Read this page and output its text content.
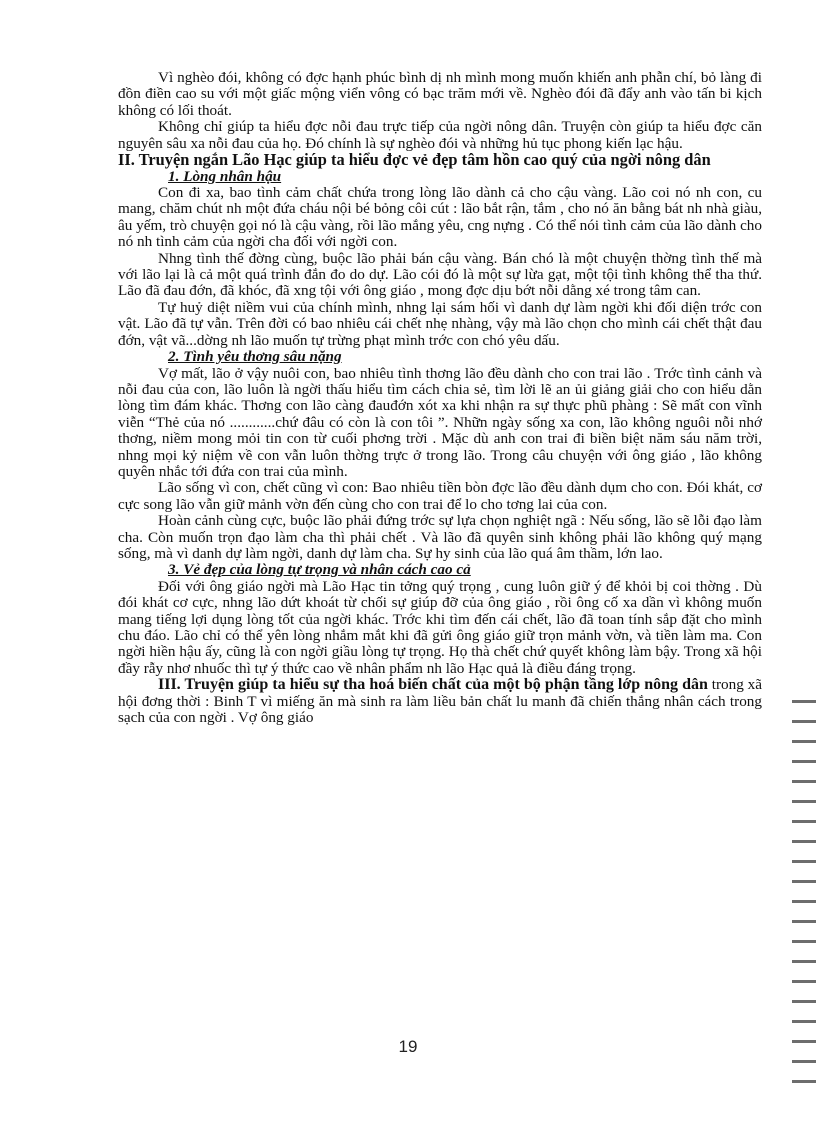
Vì nghèo đói, không có đợc hạnh phúc bình dị nh mình mong muốn khiến anh phẫn chí, bỏ làng đi đồn điền cao su với một giấc mộng viển vông có bạc trăm mới về. Nghèo đói đã đẩy anh vào tấn bi kịch không có lối thoát.

Không chỉ giúp ta hiểu đợc nỗi đau trực tiếp của ngời nông dân. Truyện còn giúp ta hiểu đợc căn nguyên sâu xa nỗi đau của họ. Đó chính là sự nghèo đói và những hủ tục phong kiến lạc hậu.

II. Truyện ngắn Lão Hạc giúp ta hiểu đợc vẻ đẹp tâm hồn cao quý của ngời nông dân
1. Lòng nhân hậu

Con đi xa, bao tình cảm chất chứa trong lòng lão dành cả cho cậu vàng. Lão coi nó nh con, cu mang, chăm chút nh một đứa cháu nội bé bỏng côi cút : lão bắt rận, tắm , cho nó ăn bằng bát nh nhà giàu, âu yếm, trò chuyện gọi nó là cậu vàng, rồi lão mắng yêu, cng nựng . Có thể nói tình cảm của lão dành cho nó nh tình cảm của ngời cha đối với ngời con.

Nhng tình thế đờng cùng, buộc lão phải bán cậu vàng. Bán chó là một chuyện thờng tình thế mà với lão lại là cả một quá trình đắn đo do dự. Lão cói đó là một sự lừa gạt, một tội tình không thể tha thứ. Lão đã đau đớn, đã khóc, đã xng tội với ông giáo , mong đợc dịu bớt nỗi dằng xé trong tâm can.

Tự huỷ diệt niềm vui của chính mình, nhng lại sám hối vì danh dự làm ngời khi đối diện trớc con vật. Lão đã tự vẫn. Trên đời có bao nhiêu cái chết nhẹ nhàng, vậy mà lão chọn cho mình cái chết thật đau đớn, vật vã...dờng nh lão muốn tự trừng phạt mình trớc con chó yêu dấu.

2. Tình yêu thơng sâu nặng

Vợ mất, lão ở vậy nuôi con, bao nhiêu tình thơng lão đều dành cho con trai lão . Trớc tình cảnh và nỗi đau của con, lão luôn là ngời thấu hiểu tìm cách chia sẻ, tìm lời lẽ an ủi giảng giải cho con hiểu dằn lòng tìm đám khác. Thơng con lão càng đauđớn xót xa khi nhận ra sự thực phũ phàng : Sẽ mất con vĩnh viễn “Thẻ của nó ............chứ đâu có còn là con tôi ”. Nhữn ngày sống xa con, lão không nguôi nỗi nhớ thơng, niềm mong mỏi tin con từ cuối phơng trời . Mặc dù anh con trai đi biền biệt năm sáu năm trời, nhng mọi kỷ niệm về con vẫn luôn thờng trực ở trong lão. Trong câu chuyện với ông giáo , lão không quyên nhắc tới đứa con trai của mình.

Lão sống vì con, chết cũng vì con: Bao nhiêu tiền bòn đợc lão đều dành dụm cho con. Đói khát, cơ cực song lão vẫn giữ mảnh vờn đến cùng cho con trai để lo cho tơng lai của con.

Hoàn cảnh cùng cực, buộc lão phải đứng trớc sự lựa chọn nghiệt ngã : Nếu sống, lão sẽ lỗi đạo làm cha. Còn muốn trọn đạo làm cha thì phải chết . Và lão đã quyên sinh không phải lão không quý mạng sống, mà vì danh dự làm ngời, danh dự làm cha. Sự hy sinh của lão quá âm thầm, lớn lao.

3. Vẻ đẹp của lòng tự trọng và nhân cách cao cả

Đối với ông giáo ngời mà Lão Hạc tin tởng quý trọng , cung luôn giữ ý để khỏi bị coi thờng . Dù đói khát cơ cực, nhng lão dứt khoát từ chối sự giúp đỡ của ông giáo , rồi ông cố xa dần vì không muốn mang tiếng lợi dụng lòng tốt của ngời khác. Trớc khi tìm đến cái chết, lão đã toan tính sắp đặt cho mình chu đáo. Lão chỉ có thể yên lòng nhắm mắt khi đã gửi ông giáo giữ trọn mảnh vờn, và tiền làm ma. Con ngời hiền hậu ấy, cũng là con ngời giầu lòng tự trọng. Họ thà chết chứ quyết không làm bậy. Trong xã hội đầy rẫy nhơ nhuốc thì tự ý thức cao về nhân phẩm nh lão Hạc quả là điều đáng trọng.

III. Truyện giúp ta hiểu sự tha hoá biến chất của một bộ phận tầng lớp nông dân trong xã hội đơng thời : Binh T vì miếng ăn mà sinh ra làm liều bản chất lu manh đã chiến thắng nhân cách trong sạch của con ngời . Vợ ông giáo

19
